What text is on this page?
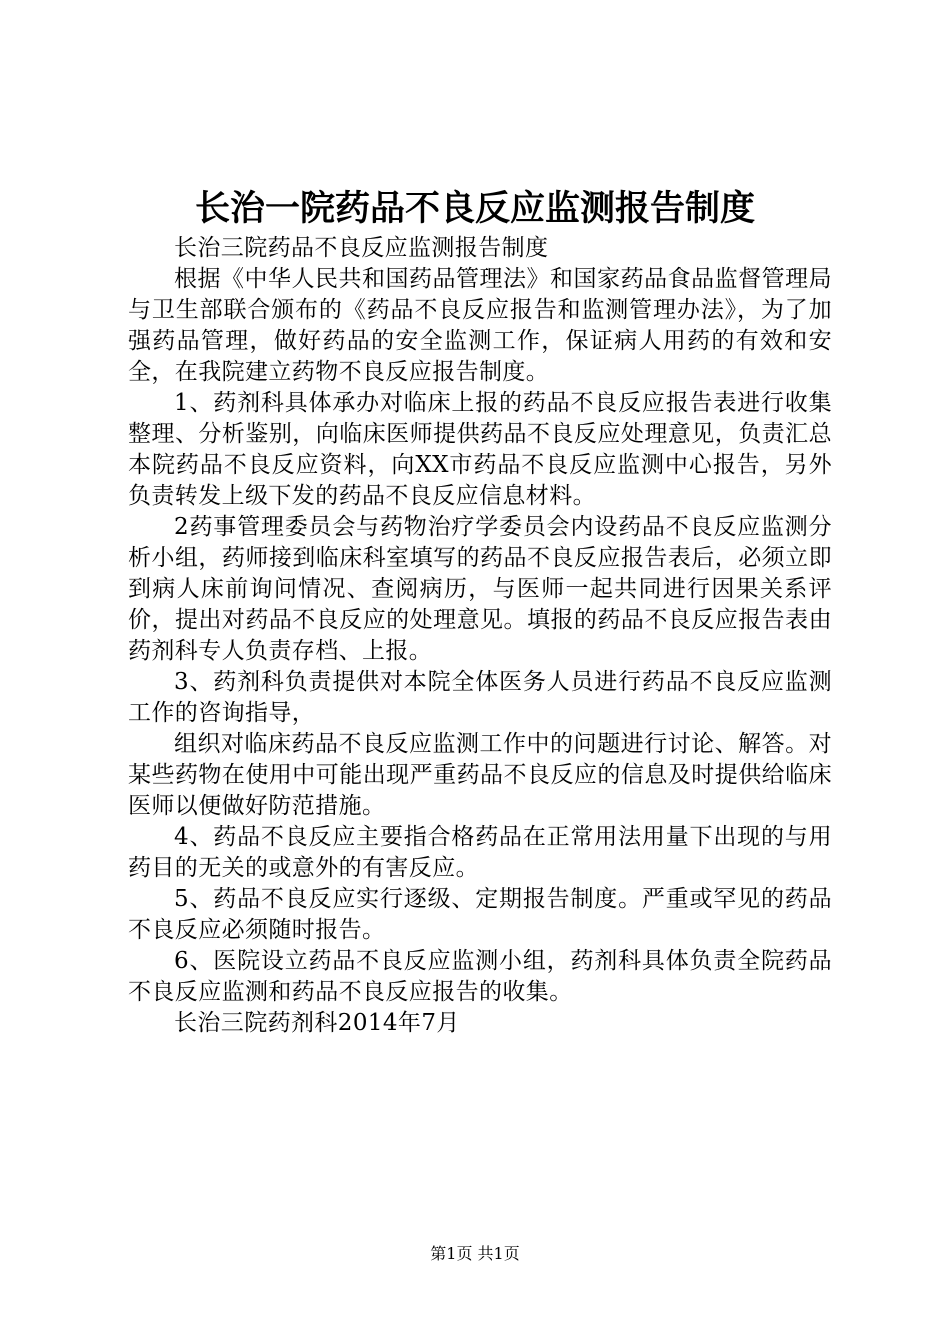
长治一院药品不良反应监测报告制度

长治三院药品不良反应监测报告制度

根据《中华人民共和国药品管理法》和国家药品食品监督管理局与卫生部联合颁布的《药品不良反应报告和监测管理办法》，为了加强药品管理，做好药品的安全监测工作，保证病人用药的有效和安全，在我院建立药物不良反应报告制度。

1、药剂科具体承办对临床上报的药品不良反应报告表进行收集整理、分析鉴别，向临床医师提供药品不良反应处理意见，负责汇总本院药品不良反应资料，向XX市药品不良反应监测中心报告，另外负责转发上级下发的药品不良反应信息材料。

2药事管理委员会与药物治疗学委员会内设药品不良反应监测分析小组，药师接到临床科室填写的药品不良反应报告表后，必须立即到病人床前询问情况、查阅病历，与医师一起共同进行因果关系评价，提出对药品不良反应的处理意见。填报的药品不良反应报告表由药剂科专人负责存档、上报。

3、药剂科负责提供对本院全体医务人员进行药品不良反应监测工作的咨询指导，

组织对临床药品不良反应监测工作中的问题进行讨论、解答。对某些药物在使用中可能出现严重药品不良反应的信息及时提供给临床医师以便做好防范措施。

4、药品不良反应主要指合格药品在正常用法用量下出现的与用药目的无关的或意外的有害反应。

5、药品不良反应实行逐级、定期报告制度。严重或罕见的药品不良反应必须随时报告。

6、医院设立药品不良反应监测小组，药剂科具体负责全院药品不良反应监测和药品不良反应报告的收集。

长治三院药剂科2014年7月

第1页 共1页
